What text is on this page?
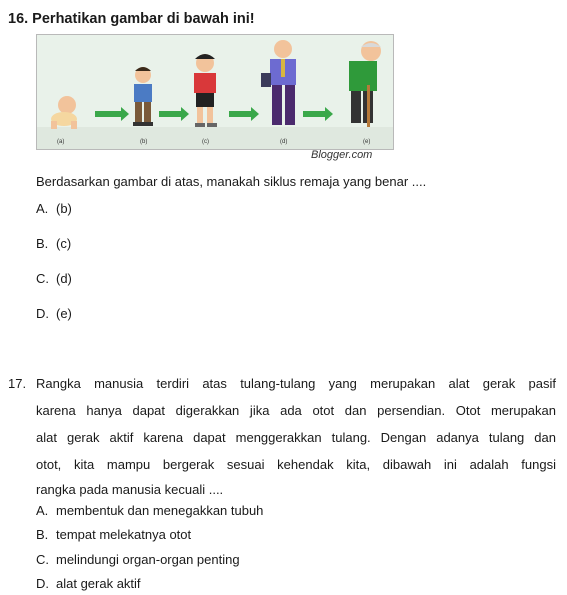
16. Perhatikan gambar di bawah ini!
(a)	(b)	(c)	(d)	(e)
Blogger.com
Berdasarkan gambar di atas, manakah siklus remaja yang benar ....
A. (b)
B. (c)
C. (d)
D. (e)
17. Rangka manusia terdiri atas tulang-tulang yang merupakan alat gerak pasif
karena hanya dapat digerakkan jika ada otot dan persendian. Otot merupakan
alat gerak aktif karena dapat menggerakkan tulang. Dengan adanya tulang dan
otot, kita mampu bergerak sesuai kehendak kita, dibawah ini adalah fungsi
rangka pada manusia kecuali ....
A. membentuk dan menegakkan tubuh
B. tempat melekatnya otot
C. melindungi organ-organ penting
D. alat gerak aktif
